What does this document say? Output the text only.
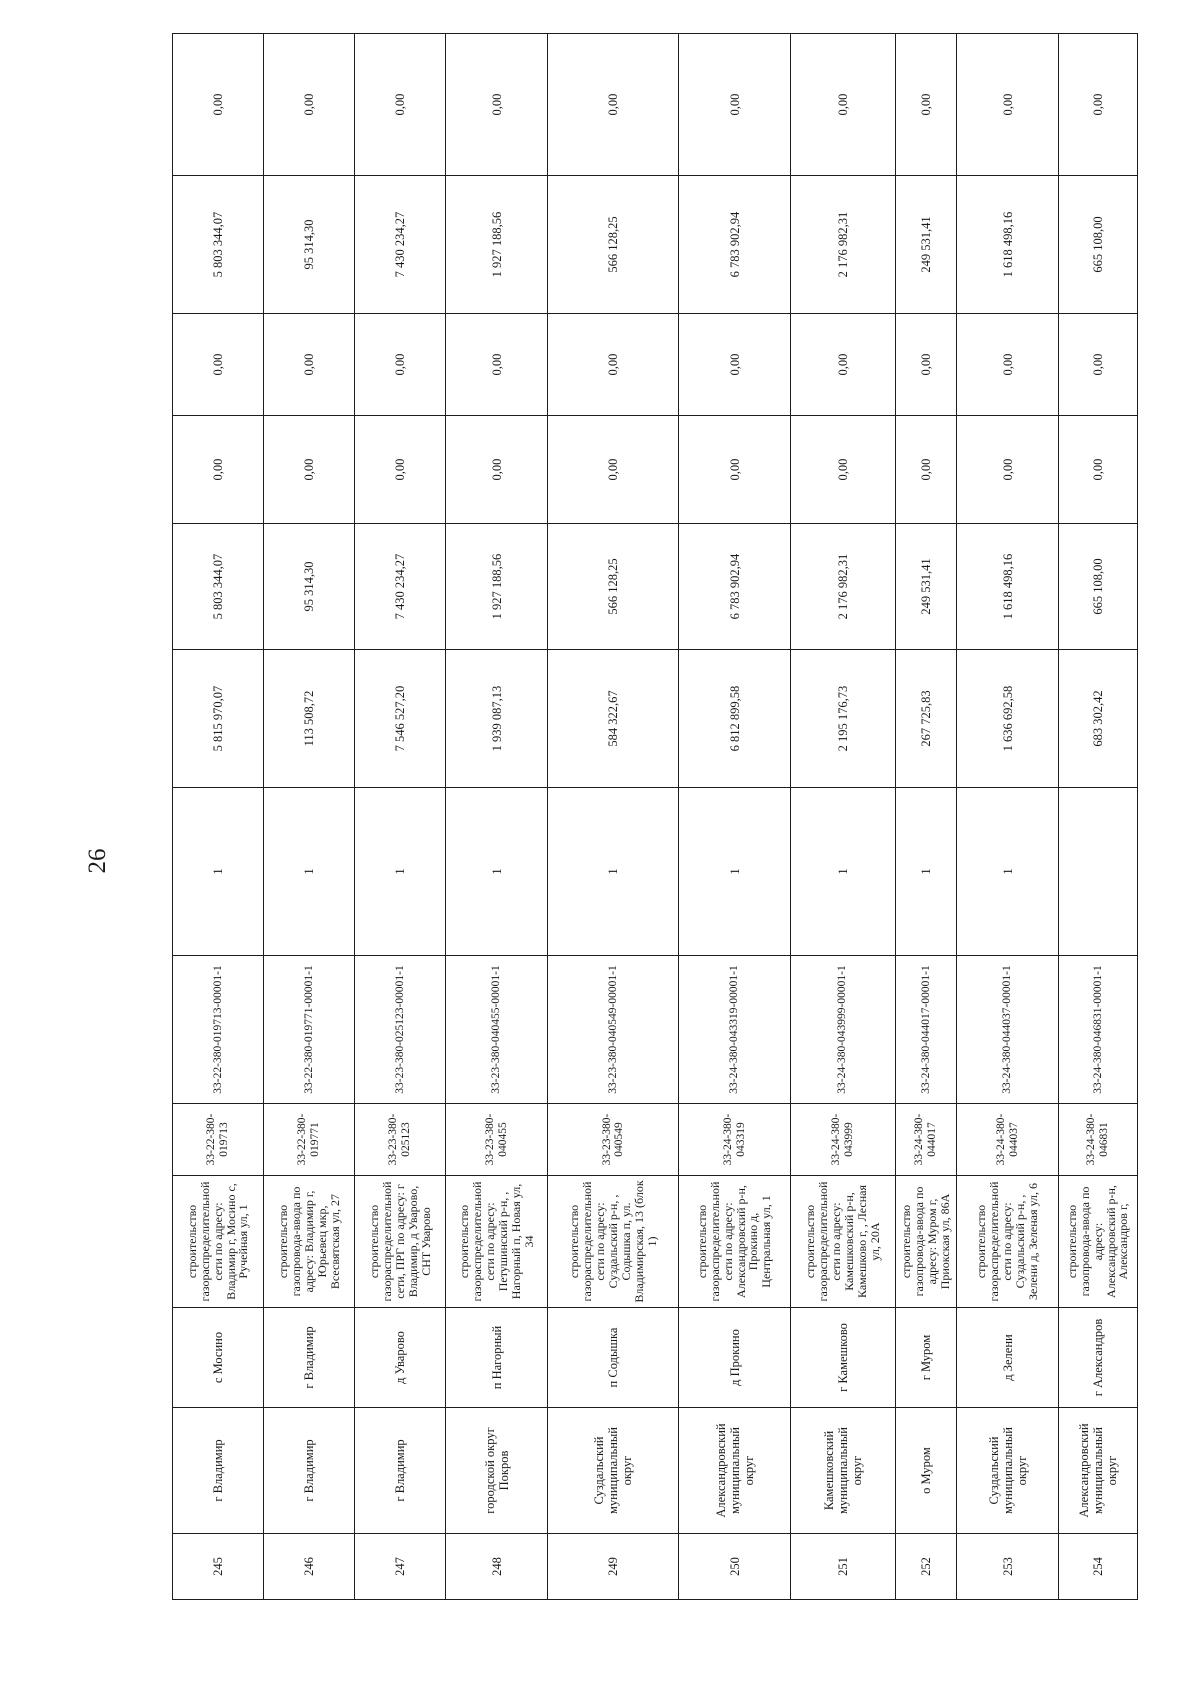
26
245	г Владимир	с Мосино	строительство газораспределительной сети по адресу: Владимир г, Мосино с, Ручейная ул, 1	33-22-380-019713	33-22-380-019713-00001-1	1	5 815 970,07	5 803 344,07	0,00	0,00	5 803 344,07	0,00
246	г Владимир	г Владимир	строительство газопровода-ввода по адресу: Владимир г, Юрьевец мкр, Всесвятская ул, 27	33-22-380-019771	33-22-380-019771-00001-1	1	113 508,72	95 314,30	0,00	0,00	95 314,30	0,00
247	г Владимир	д Уварово	строительство газораспределительной сети, ПРГ по адресу: г Владимир, д Уварово, СНТ Уварово	33-23-380-025123	33-23-380-025123-00001-1	1	7 546 527,20	7 430 234,27	0,00	0,00	7 430 234,27	0,00
248	городской округ Покров	п Нагорный	строительство газораспределительной сети по адресу: Петушинский р-н, , Нагорный п, Новая ул, 34	33-23-380-040455	33-23-380-040455-00001-1	1	1 939 087,13	1 927 188,56	0,00	0,00	1 927 188,56	0,00
249	Суздальский муниципальный округ	п Содышка	строительство газораспределительной сети по адресу: Суздальский р-н, , Содышка п, ул. Владимирская, 13 (блок 1)	33-23-380-040549	33-23-380-040549-00001-1	1	584 322,67	566 128,25	0,00	0,00	566 128,25	0,00
250	Александровский муниципальный округ	д Прокино	строительство газораспределительной сети по адресу: Александровский р-н, Прокино д, Центральная ул, 1	33-24-380-043319	33-24-380-043319-00001-1	1	6 812 899,58	6 783 902,94	0,00	0,00	6 783 902,94	0,00
251	Камешковский муниципальный округ	г Камешково	строительство газораспределительной сети по адресу: Камешковский р-н, Камешково г, , Лесная ул, 20А	33-24-380-043999	33-24-380-043999-00001-1	1	2 195 176,73	2 176 982,31	0,00	0,00	2 176 982,31	0,00
252	о Муром	г Муром	строительство газопровода-ввода по адресу: Муром г, Приокская ул, 86А	33-24-380-044017	33-24-380-044017-00001-1	1	267 725,83	249 531,41	0,00	0,00	249 531,41	0,00
253	Суздальский муниципальный округ	д Зелени	строительство газораспределительной сети по адресу: Суздальский р-н, , Зелени д, Зеленая ул, 6	33-24-380-044037	33-24-380-044037-00001-1	1	1 636 692,58	1 618 498,16	0,00	0,00	1 618 498,16	0,00
254	Александровский муниципальный округ	г Александров	строительство газопровода-ввода по адресу: Александровский р-н, Александров г,	33-24-380-046831	33-24-380-046831-00001-1		683 302,42	665 108,00	0,00	0,00	665 108,00	0,00
